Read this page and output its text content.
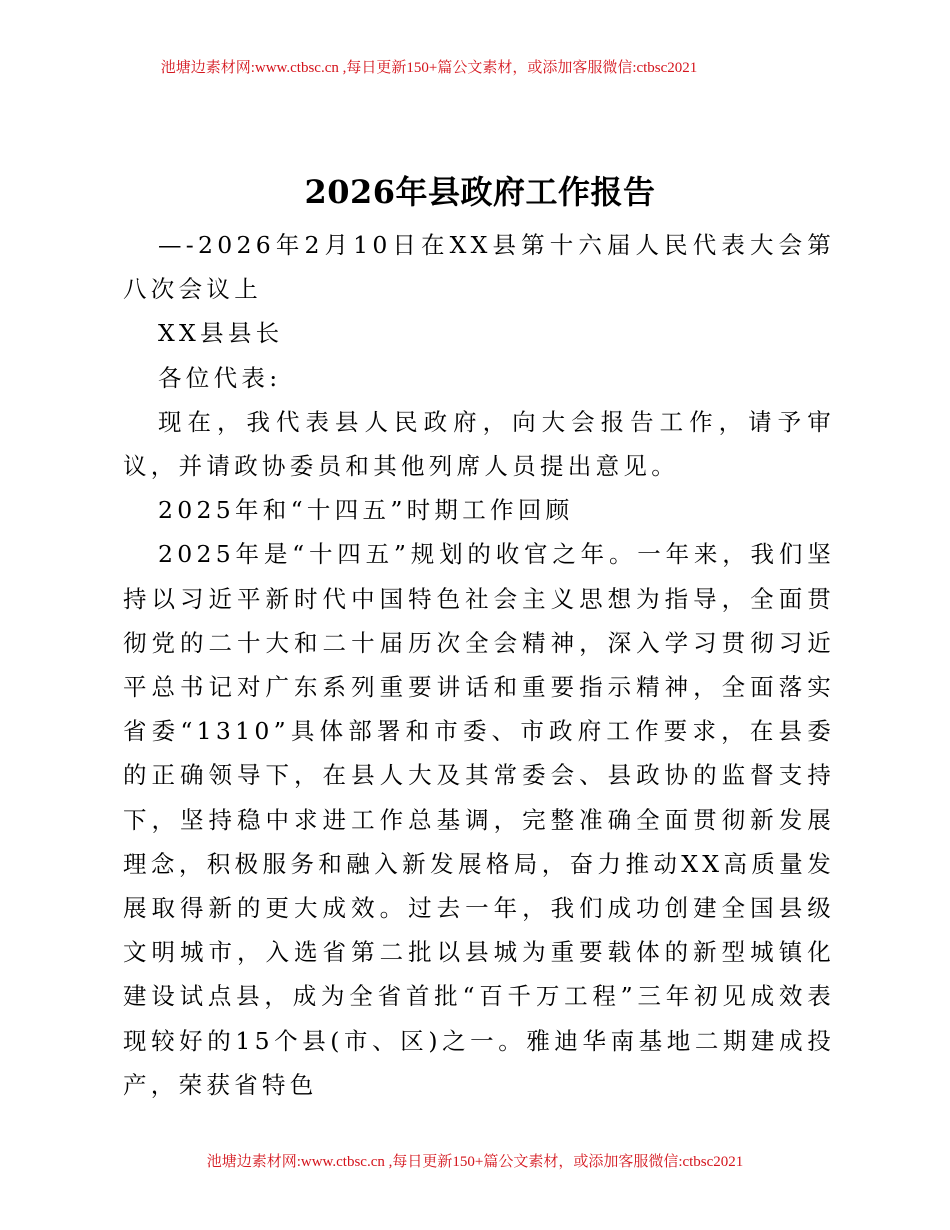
池塘边素材网:www.ctbsc.cn ,每日更新150+篇公文素材，或添加客服微信:ctbsc2021
2026年县政府工作报告

—-2026年2月10日在XX县第十六届人民代表大会第八次会议上

XX县县长

各位代表:

现在，我代表县人民政府，向大会报告工作，请予审议，并请政协委员和其他列席人员提出意见。

2025年和“十四五”时期工作回顾

2025年是“十四五”规划的收官之年。一年来，我们坚持以习近平新时代中国特色社会主义思想为指导，全面贯彻党的二十大和二十届历次全会精神，深入学习贯彻习近平总书记对广东系列重要讲话和重要指示精神，全面落实省委“1310”具体部署和市委、市政府工作要求，在县委的正确领导下，在县人大及其常委会、县政协的监督支持下，坚持稳中求进工作总基调，完整准确全面贯彻新发展理念，积极服务和融入新发展格局，奋力推动XX高质量发展取得新的更大成效。过去一年，我们成功创建全国县级文明城市，入选省第二批以县城为重要载体的新型城镇化建设试点县，成为全省首批“百千万工程”三年初见成效表现较好的15个县(市、区)之一。雅迪华南基地二期建成投产，荣获省特色

池塘边素材网:www.ctbsc.cn ,每日更新150+篇公文素材，或添加客服微信:ctbsc2021
